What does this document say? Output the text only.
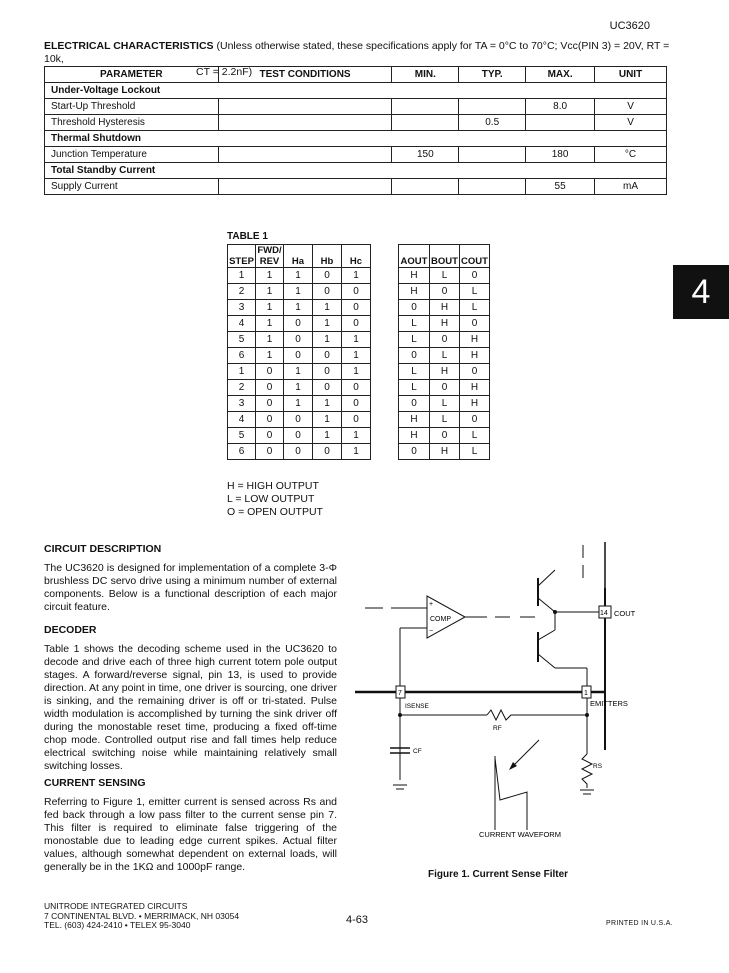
UC3620
ELECTRICAL CHARACTERISTICS (Unless otherwise stated, these specifications apply for TA = 0°C to 70°C; Vcc(PIN 3) = 20V, RT = 10k,
CT = 2.2nF)
PARAMETER	TEST CONDITIONS	MIN.	TYP.	MAX.	UNIT
Under-Voltage Lockout					
Start-Up Threshold				8.0	V
Threshold Hysteresis			0.5		V
Thermal Shutdown					
Junction Temperature		150		180	°C
Total Standby Current					
Supply Current				55	mA
TABLE 1
STEP	FWD/ REV	Ha	Hb	Hc		AOUT	BOUT	COUT
1	1	1	0	1		H	L	0
2	1	1	0	0		H	0	L
3	1	1	1	0		0	H	L
4	1	0	1	0		L	H	0
5	1	0	1	1		L	0	H
6	1	0	0	1		0	L	H
1	0	1	0	1		L	H	0
2	0	1	0	0		L	0	H
3	0	1	1	0		0	L	H
4	0	0	1	0		H	L	0
5	0	0	1	1		H	0	L
6	0	0	0	1		0	H	L
H = HIGH OUTPUT
L = LOW OUTPUT
O = OPEN OUTPUT
4
CIRCUIT DESCRIPTION
The UC3620 is designed for implementation of a complete 3-Φ brushless DC servo drive using a minimum number of external components. Below is a functional description of each major circuit feature.
DECODER
Table 1 shows the decoding scheme used in the UC3620 to decode and drive each of three high current totem pole output stages. A forward/reverse signal, pin 13, is used to provide direction. At any point in time, one driver is sourcing, one driver is sinking, and the remaining driver is off or tri-stated. Pulse width modulation is accomplished by turning the sink driver off during the monostable reset time, producing a fixed off-time chop mode. Controlled output rise and fall times help reduce electrical switching noise while maintaining relatively small switching losses.
CURRENT SENSING
Referring to Figure 1, emitter current is sensed across Rs and fed back through a low pass filter to the current sense pin 7. This filter is required to eliminate false triggering of the monostable due to leading edge current spikes. Actual filter values, although somewhat dependent on external loads, will generally be in the 1KΩ and 1000pF range.
COMP
+
−
14 COUT
7	1
ISENSE	EMITTERS
RF
CF
RS
CURRENT WAVEFORM
Figure 1. Current Sense Filter
UNITRODE INTEGRATED CIRCUITS
7 CONTINENTAL BLVD. • MERRIMACK, NH 03054
TEL. (603) 424-2410 • TELEX 95-3040	4-63	PRINTED IN U.S.A.
